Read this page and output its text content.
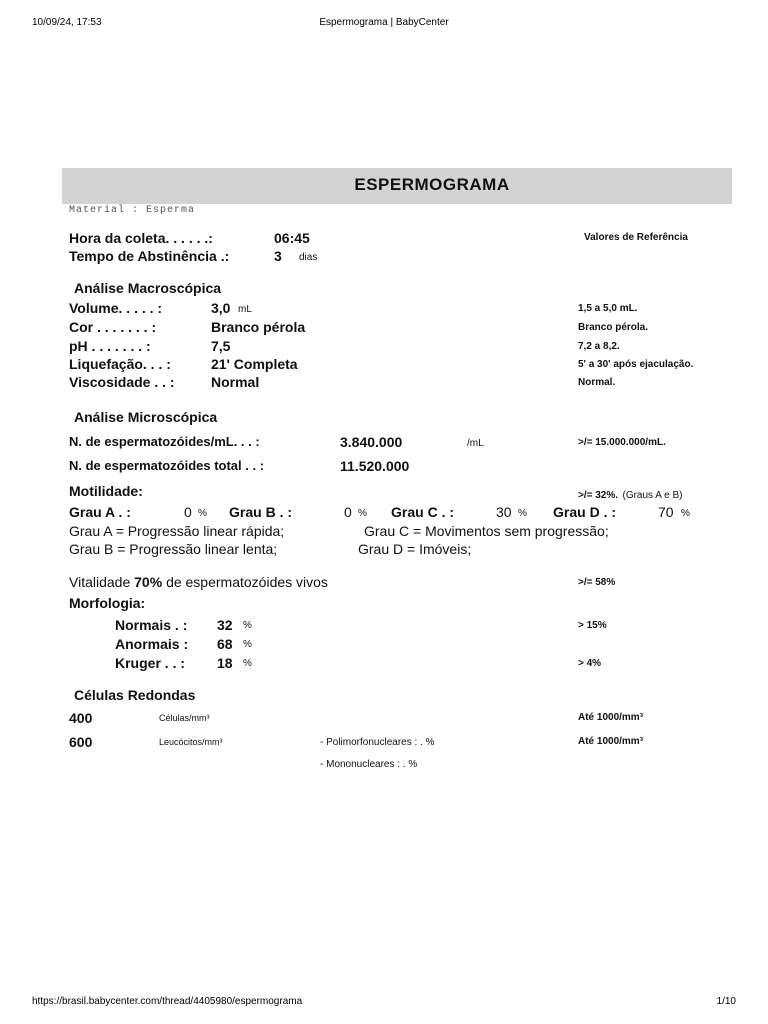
10/09/24, 17:53	Espermograma | BabyCenter
ESPERMOGRAMA
Material : Esperma
Hora da coleta. . . . . .:	06:45	Valores de Referência
Tempo de Abstinência .:	3 dias
Análise Macroscópica
Volume. . . . . :	3,0 mL	1,5 a 5,0 mL.
Cor . . . . . . . :	Branco pérola	Branco pérola.
pH . . . . . . . :	7,5	7,2 a 8,2.
Liquefação. . . :	21' Completa	5' a 30' após ejaculação.
Viscosidade . . :	Normal	Normal.
Análise Microscópica
N. de espermatozóides/mL. . . :	3.840.000	/mL	>/= 15.000.000/mL.
N. de espermatozóides total . . :	11.520.000
Motilidade:	>/= 32%. (Graus A e B)
Grau A . :	0 % Grau B . :	0 % Grau C . :	30 % Grau D . :	70 %
Grau A = Progressão linear rápida;	Grau C = Movimentos sem progressão;
Grau B = Progressão linear lenta;	Grau D = Imóveis;
Vitalidade 70% de espermatozóides vivos	>/= 58%
Morfologia:
Normais . : 32 %	> 15%
Anormais : 68 %
Kruger . . : 18 %	> 4%
Células Redondas
400	Células/mm³	Até 1000/mm³
600	Leucócitos/mm³	- Polimorfonucleares : . %	Até 1000/mm³
- Mononucleares : . %
https://brasil.babycenter.com/thread/4405980/espermograma	1/10
